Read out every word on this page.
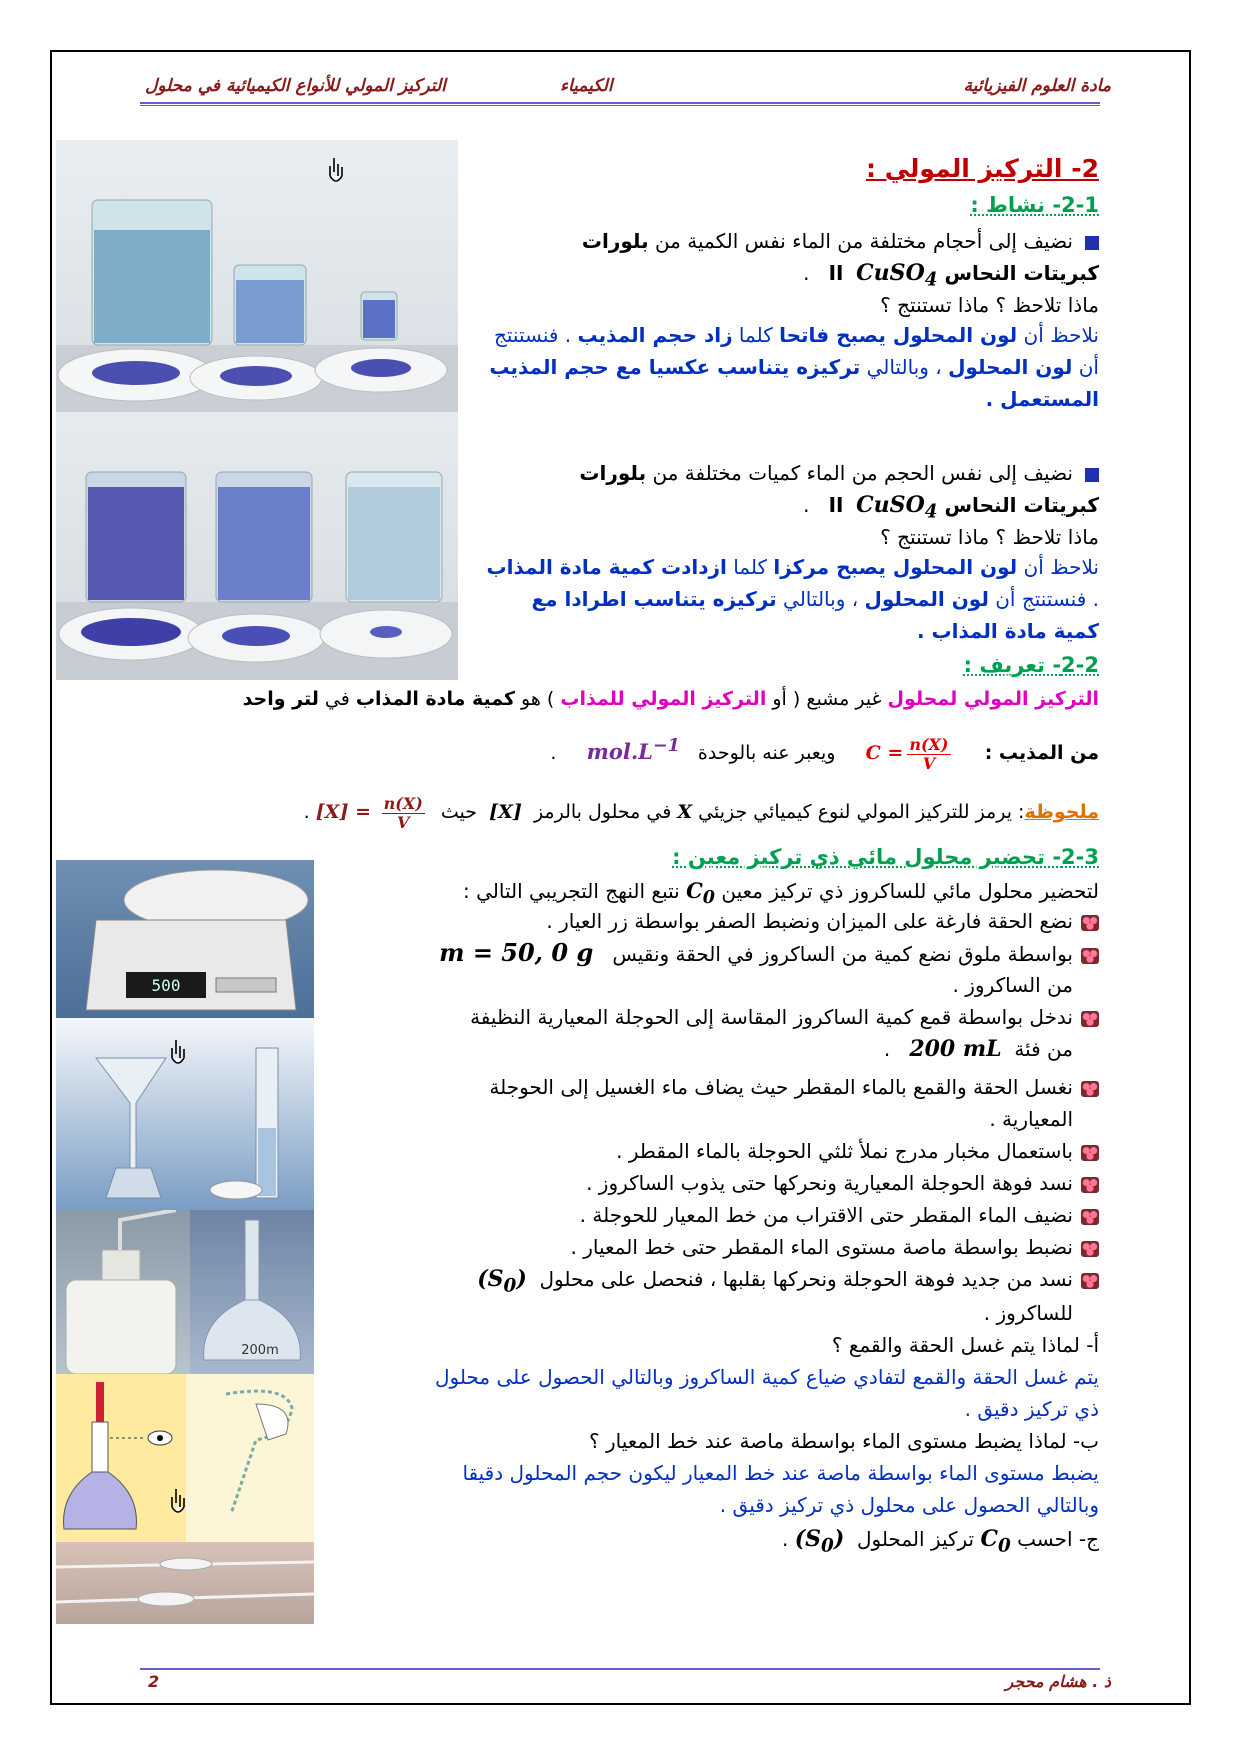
مادة العلوم الفيزيائية
الكيمياء
التركيز المولي للأنواع الكيميائية في محلول
500
200m
2- التركيز المولي :
2-1- نشاط :
نضيف إلى أحجام مختلفة من الماء نفس الكمية من بلورات
كبريتات النحاس II  CuSO$_4$   .
ماذا تلاحظ ؟ ماذا تستنتج ؟
نلاحظ أن لون المحلول يصبح فاتحا كلما زاد حجم المذيب . فنستنتج
أن لون المحلول ، وبالتالي تركيزه يتناسب عكسيا مع حجم المذيب
المستعمل .
نضيف إلى نفس الحجم من الماء كميات مختلفة من بلورات
كبريتات النحاس II  CuSO$_4$   .
ماذا تلاحظ ؟ ماذا تستنتج ؟
نلاحظ أن لون المحلول يصبح مركزا كلما ازدادت كمية مادة المذاب
. فنستنتج أن لون المحلول ، وبالتالي تركيزه يتناسب اطرادا مع
كمية مادة المذاب .
2-2- تعريف :
التركيز المولي لمحلول غير مشبع ( أو التركيز المولي للمذاب ) هو كمية مادة المذاب في لتر واحد
من المذيب :     $C = \frac{n(X)}{V}$
ويعبر عنه بالوحدة   $mol.L^{-1}$     .
ملحوظة: يرمز للتركيز المولي لنوع كيميائي جزيئي X في محلول بالرمز  [X]  حيث  $[X] = \frac{n(X)}{V}$
.
2-3- تحضير محلول مائي ذي تركيز معين :
لتحضير محلول مائي للساكروز ذي تركيز معين $C_0$ نتبع النهج التجريبي التالي :
نضع الحقة فارغة على الميزان ونضبط الصفر بواسطة زر العيار .
بواسطة ملوق نضع كمية من الساكروز في الحقة ونقيس   m = 50, 0 g
من الساكروز .
ندخل بواسطة قمع كمية الساكروز المقاسة إلى الحوجلة المعيارية النظيفة
من فئة  200 mL   .
نغسل الحقة والقمع بالماء المقطر حيث يضاف ماء الغسيل إلى الحوجلة
المعيارية .
باستعمال مخبار مدرج نملأ ثلثي الحوجلة بالماء المقطر .
نسد فوهة الحوجلة المعيارية ونحركها حتى يذوب الساكروز .
نضيف الماء المقطر حتى الاقتراب من خط المعيار للحوجلة .
نضبط بواسطة ماصة مستوى الماء المقطر حتى خط المعيار .
نسد من جديد فوهة الحوجلة ونحركها بقلبها ، فنحصل على محلول  $(S_0)$
للساكروز .
أ- لماذا يتم غسل الحقة والقمع ؟
يتم غسل الحقة والقمع لتفادي ضياع كمية الساكروز وبالتالي الحصول على محلول
ذي تركيز دقيق .
ب- لماذا يضبط مستوى الماء بواسطة ماصة عند خط المعيار ؟
يضبط مستوى الماء بواسطة ماصة عند خط المعيار ليكون حجم المحلول دقيقا
وبالتالي الحصول على محلول ذي تركيز دقيق .
ج- احسب $C_0$ تركيز المحلول  $(S_0)$ .
ذ . هشام محجر
2
